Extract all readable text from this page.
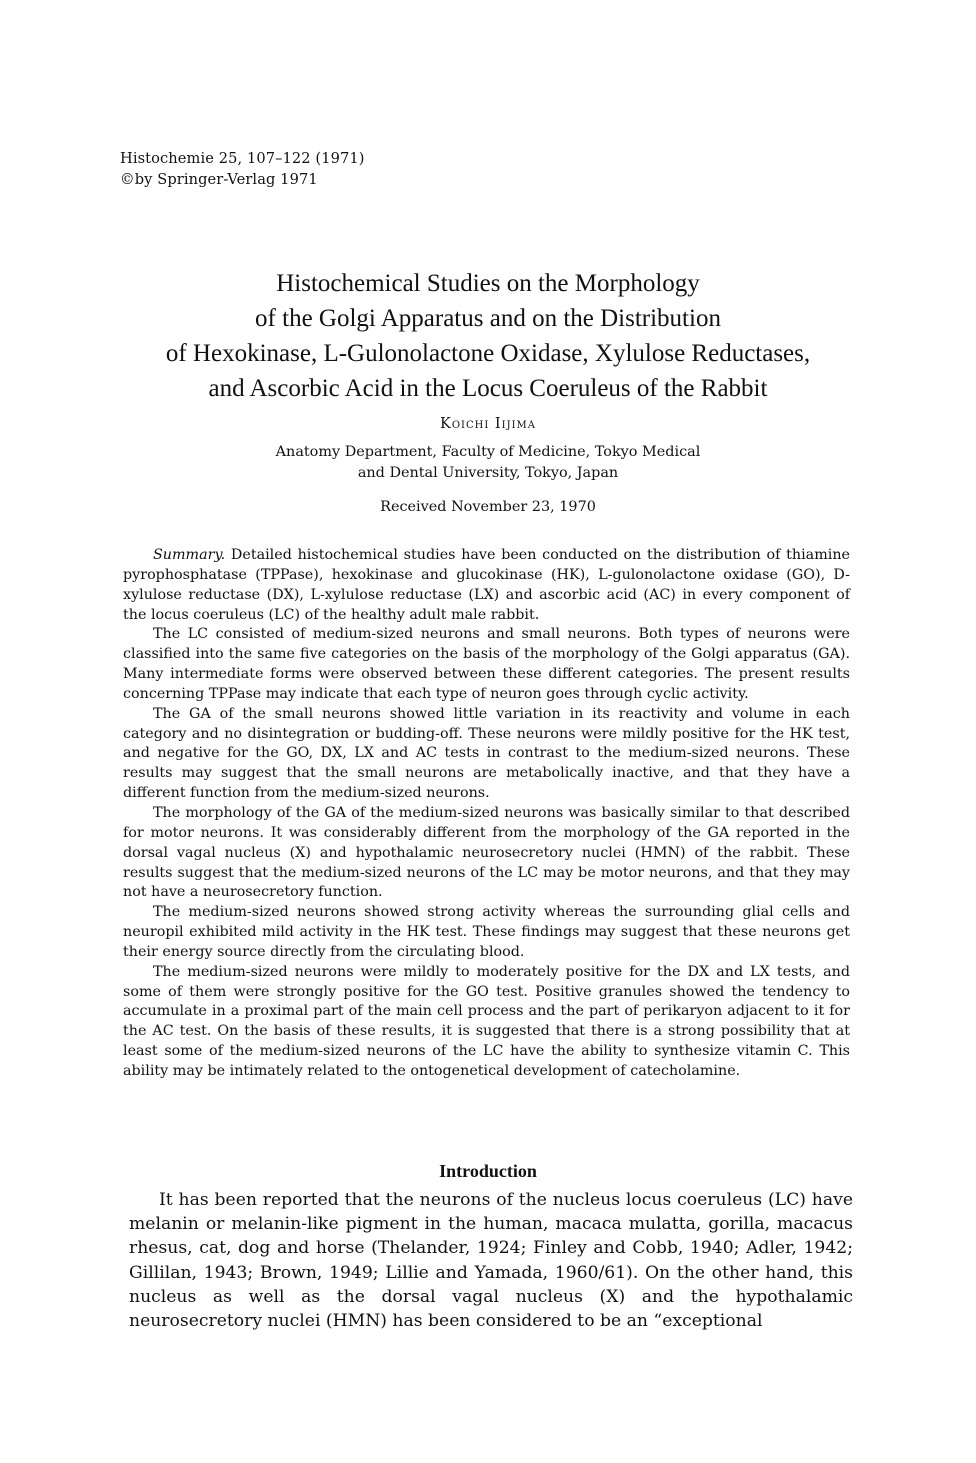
Histochemie 25, 107–122 (1971)
©by Springer-Verlag 1971
Histochemical Studies on the Morphology
of the Golgi Apparatus and on the Distribution
of Hexokinase, L-Gulonolactone Oxidase, Xylulose Reductases,
and Ascorbic Acid in the Locus Coeruleus of the Rabbit
Koichi Iijima
Anatomy Department, Faculty of Medicine, Tokyo Medical
and Dental University, Tokyo, Japan
Received November 23, 1970

Summary. Detailed histochemical studies have been conducted on the distribution of thiamine pyrophosphatase (TPPase), hexokinase and glucokinase (HK), L-gulonolactone oxidase (GO), D-xylulose reductase (DX), L-xylulose reductase (LX) and ascorbic acid (AC) in every component of the locus coeruleus (LC) of the healthy adult male rabbit.

The LC consisted of medium-sized neurons and small neurons. Both types of neurons were classified into the same five categories on the basis of the morphology of the Golgi apparatus (GA). Many intermediate forms were observed between these different categories. The present results concerning TPPase may indicate that each type of neuron goes through cyclic activity.

The GA of the small neurons showed little variation in its reactivity and volume in each category and no disintegration or budding-off. These neurons were mildly positive for the HK test, and negative for the GO, DX, LX and AC tests in contrast to the medium-sized neurons. These results may suggest that the small neurons are metabolically inactive, and that they have a different function from the medium-sized neurons.

The morphology of the GA of the medium-sized neurons was basically similar to that described for motor neurons. It was considerably different from the morphology of the GA reported in the dorsal vagal nucleus (X) and hypothalamic neurosecretory nuclei (HMN) of the rabbit. These results suggest that the medium-sized neurons of the LC may be motor neurons, and that they may not have a neurosecretory function.

The medium-sized neurons showed strong activity whereas the surrounding glial cells and neuropil exhibited mild activity in the HK test. These findings may suggest that these neurons get their energy source directly from the circulating blood.

The medium-sized neurons were mildly to moderately positive for the DX and LX tests, and some of them were strongly positive for the GO test. Positive granules showed the tendency to accumulate in a proximal part of the main cell process and the part of perikaryon adjacent to it for the AC test. On the basis of these results, it is suggested that there is a strong possibility that at least some of the medium-sized neurons of the LC have the ability to synthesize vitamin C. This ability may be intimately related to the ontogenetical development of catecholamine.

Introduction

It has been reported that the neurons of the nucleus locus coeruleus (LC) have melanin or melanin-like pigment in the human, macaca mulatta, gorilla, macacus rhesus, cat, dog and horse (Thelander, 1924; Finley and Cobb, 1940; Adler, 1942; Gillilan, 1943; Brown, 1949; Lillie and Yamada, 1960/61). On the other hand, this nucleus as well as the dorsal vagal nucleus (X) and the hypothalamic neurosecretory nuclei (HMN) has been considered to be an “exceptional
